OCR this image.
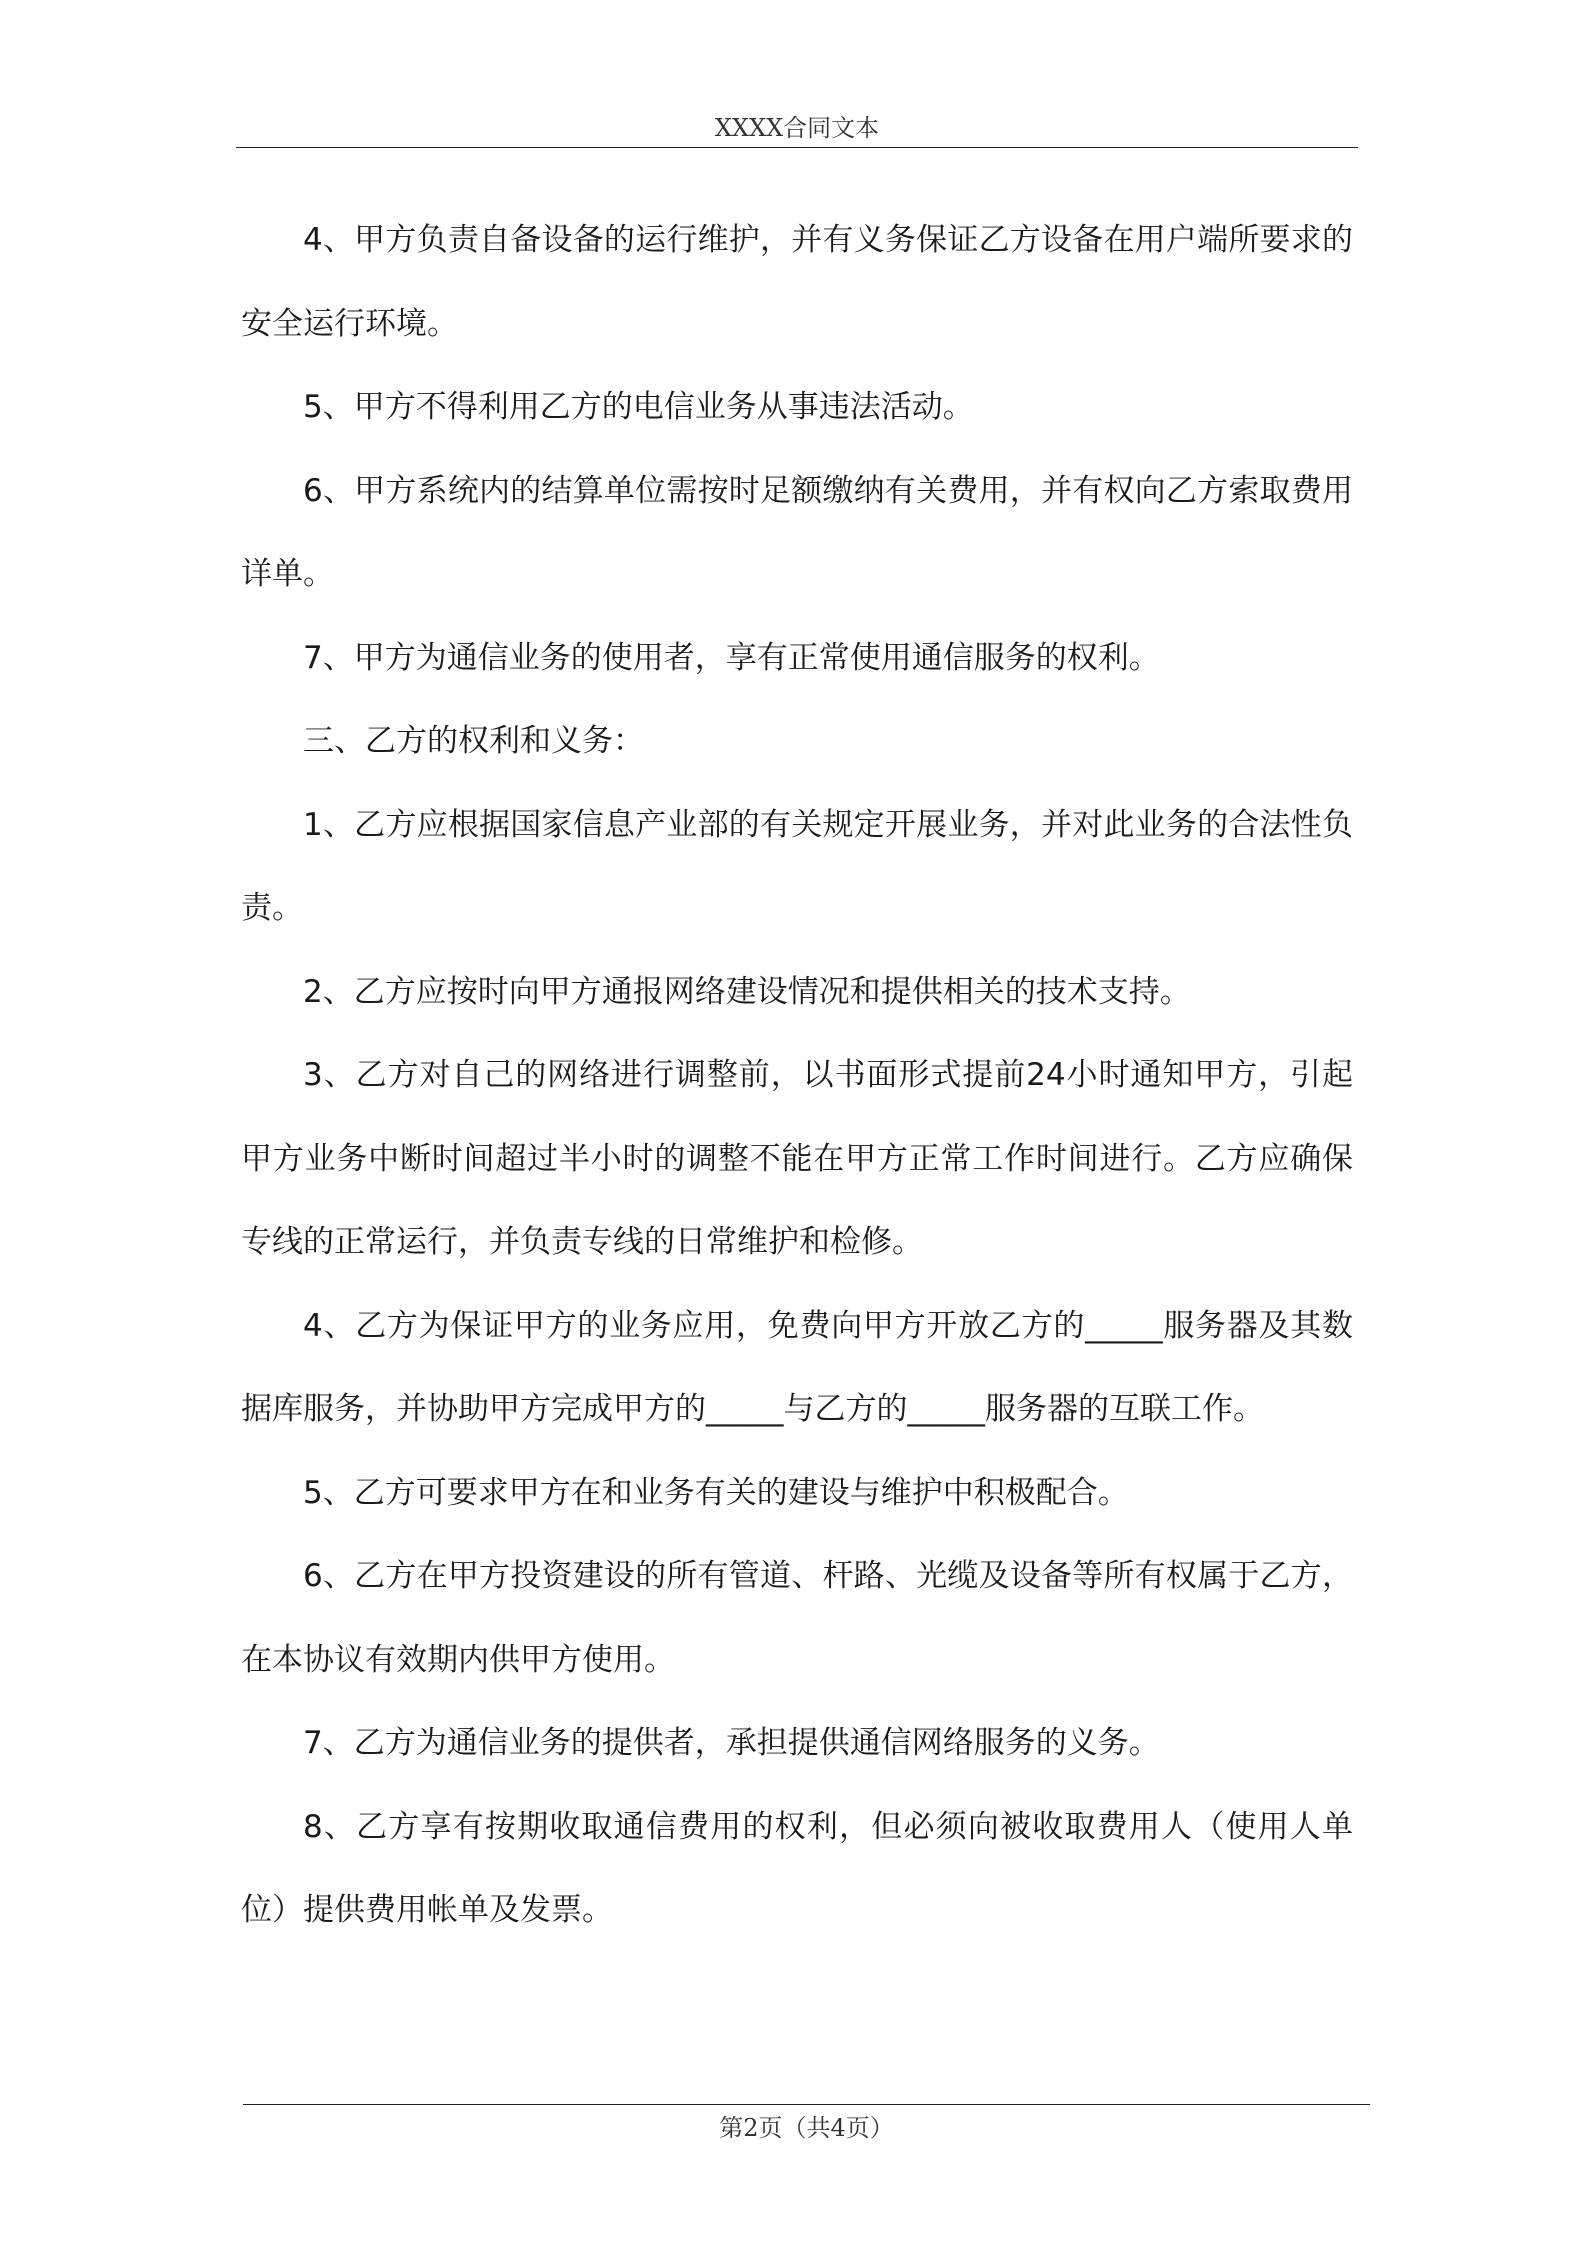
XXXX合同文本

4、甲方负责自备设备的运行维护，并有义务保证乙方设备在用户端所要求的安全运行环境。

5、甲方不得利用乙方的电信业务从事违法活动。

6、甲方系统内的结算单位需按时足额缴纳有关费用，并有权向乙方索取费用详单。

7、甲方为通信业务的使用者，享有正常使用通信服务的权利。

三、乙方的权利和义务：

1、乙方应根据国家信息产业部的有关规定开展业务，并对此业务的合法性负责。

2、乙方应按时向甲方通报网络建设情况和提供相关的技术支持。

3、乙方对自己的网络进行调整前，以书面形式提前24小时通知甲方，引起甲方业务中断时间超过半小时的调整不能在甲方正常工作时间进行。乙方应确保专线的正常运行，并负责专线的日常维护和检修。

4、乙方为保证甲方的业务应用，免费向甲方开放乙方的_____服务器及其数据库服务，并协助甲方完成甲方的_____与乙方的_____服务器的互联工作。

5、乙方可要求甲方在和业务有关的建设与维护中积极配合。

6、乙方在甲方投资建设的所有管道、杆路、光缆及设备等所有权属于乙方，在本协议有效期内供甲方使用。

7、乙方为通信业务的提供者，承担提供通信网络服务的义务。

8、乙方享有按期收取通信费用的权利，但必须向被收取费用人（使用人单位）提供费用帐单及发票。

第2页（共4页）
